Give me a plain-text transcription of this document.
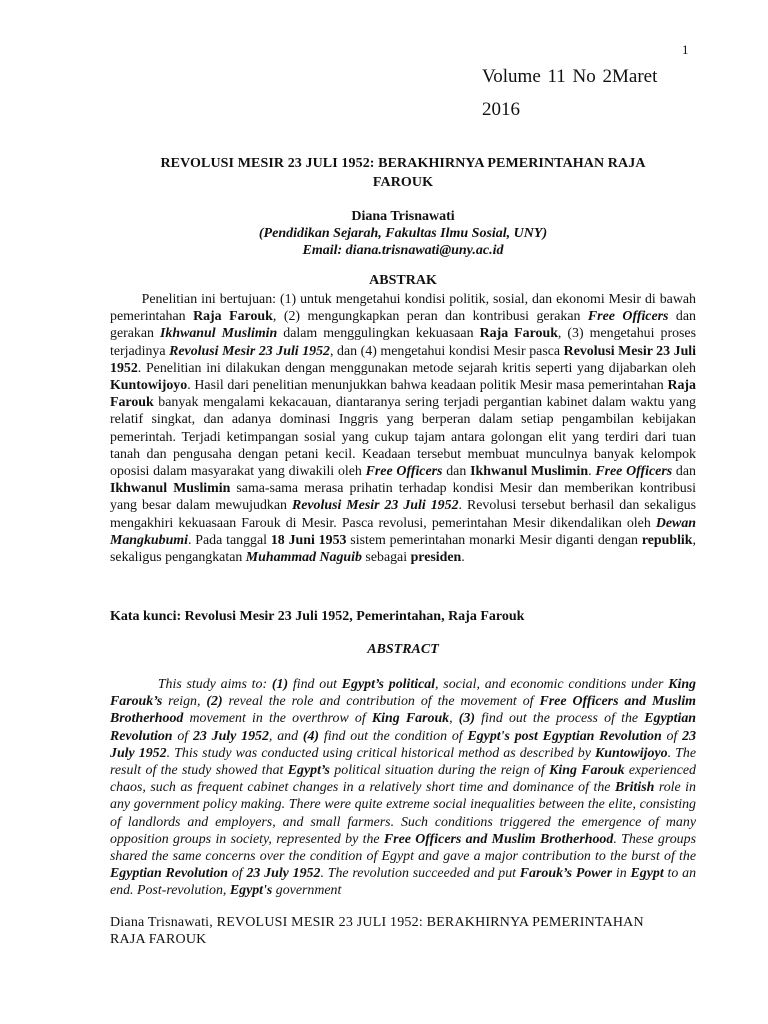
1
Volume 11 No 2Maret
2016
REVOLUSI MESIR 23 JULI 1952: BERAKHIRNYA PEMERINTAHAN RAJA
FAROUK
Diana Trisnawati
(Pendidikan Sejarah, Fakultas Ilmu Sosial, UNY)
Email: diana.trisnawati@uny.ac.id
ABSTRAK

Penelitian ini bertujuan: (1) untuk mengetahui kondisi politik, sosial, dan ekonomi Mesir di bawah pemerintahan Raja Farouk, (2) mengungkapkan peran dan kontribusi gerakan Free Officers dan gerakan Ikhwanul Muslimin dalam menggulingkan kekuasaan Raja Farouk, (3) mengetahui proses terjadinya Revolusi Mesir 23 Juli 1952, dan (4) mengetahui kondisi Mesir pasca Revolusi Mesir 23 Juli 1952. Penelitian ini dilakukan dengan menggunakan metode sejarah kritis seperti yang dijabarkan oleh Kuntowijoyo. Hasil dari penelitian menunjukkan bahwa keadaan politik Mesir masa pemerintahan Raja Farouk banyak mengalami kekacauan, diantaranya sering terjadi pergantian kabinet dalam waktu yang relatif singkat, dan adanya dominasi Inggris yang berperan dalam setiap pengambilan kebijakan pemerintah. Terjadi ketimpangan sosial yang cukup tajam antara golongan elit yang terdiri dari tuan tanah dan pengusaha dengan petani kecil. Keadaan tersebut membuat munculnya banyak kelompok oposisi dalam masyarakat yang diwakili oleh Free Officers dan Ikhwanul Muslimin. Free Officers dan Ikhwanul Muslimin sama-sama merasa prihatin terhadap kondisi Mesir dan memberikan kontribusi yang besar dalam mewujudkan Revolusi Mesir 23 Juli 1952. Revolusi tersebut berhasil dan sekaligus mengakhiri kekuasaan Farouk di Mesir. Pasca revolusi, pemerintahan Mesir dikendalikan oleh Dewan Mangkubumi. Pada tanggal 18 Juni 1953 sistem pemerintahan monarki Mesir diganti dengan republik, sekaligus pengangkatan Muhammad Naguib sebagai presiden.

Kata kunci: Revolusi Mesir 23 Juli 1952, Pemerintahan, Raja Farouk
ABSTRACT

This study aims to: (1) find out Egypt’s political, social, and economic conditions under King Farouk’s reign, (2) reveal the role and contribution of the movement of Free Officers and Muslim Brotherhood movement in the overthrow of King Farouk, (3) find out the process of the Egyptian Revolution of 23 July 1952, and (4) find out the condition of Egypt's post Egyptian Revolution of 23 July 1952. This study was conducted using critical historical method as described by Kuntowijoyo. The result of the study showed that Egypt’s political situation during the reign of King Farouk experienced chaos, such as frequent cabinet changes in a relatively short time and dominance of the British role in any government policy making. There were quite extreme social inequalities between the elite, consisting of landlords and employers, and small farmers. Such conditions triggered the emergence of many opposition groups in society, represented by the Free Officers and Muslim Brotherhood. These groups shared the same concerns over the condition of Egypt and gave a major contribution to the burst of the Egyptian Revolution of 23 July 1952. The revolution succeeded and put Farouk’s Power in Egypt to an end. Post-revolution, Egypt's government

Diana Trisnawati, REVOLUSI MESIR 23 JULI 1952: BERAKHIRNYA PEMERINTAHAN
RAJA FAROUK
